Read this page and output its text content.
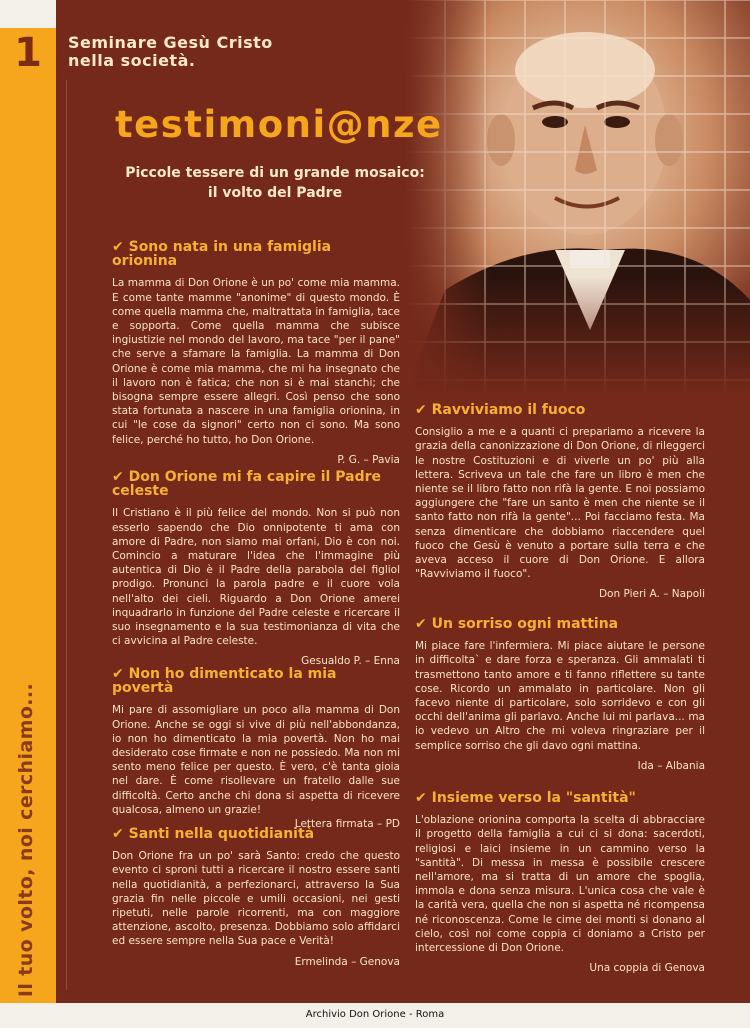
1
Il tuo volto, noi cerchiamo...
Seminare Gesù Cristo
nella società.
testimoni@nze
Piccole tessere di un grande mosaico:
il volto del Padre
✔ Sono nata in una famiglia orionina

La mamma di Don Orione è un po' come mia mamma. E come tante mamme "anonime" di questo mondo. È come quella mamma che, maltrattata in famiglia, tace e sopporta. Come quella mamma che subisce ingiustizie nel mondo del lavoro, ma tace "per il pane" che serve a sfamare la famiglia. La mamma di Don Orione è come mia mamma, che mi ha insegnato che il lavoro non è fatica; che non si è mai stanchi; che bisogna sempre essere allegri. Così penso che sono stata fortunata a nascere in una famiglia orionina, in cui "le cose da signori" certo non ci sono. Ma sono felice, perché ho tutto, ho Don Orione.

P. G. – Pavia
✔ Don Orione mi fa capire il Padre celeste

Il Cristiano è il più felice del mondo. Non si può non esserlo sapendo che Dio onnipotente ti ama con amore di Padre, non siamo mai orfani, Dio è con noi. Comincio a maturare l'idea che l'immagine più autentica di Dio è il Padre della parabola del figliol prodigo. Pronunci la parola padre e il cuore vola nell'alto dei cieli. Riguardo a Don Orione amerei inquadrarlo in funzione del Padre celeste e ricercare il suo insegnamento e la sua testimonianza di vita che ci avvicina al Padre celeste.

Gesualdo P. – Enna
✔ Non ho dimenticato la mia povertà

Mi pare di assomigliare un poco alla mamma di Don Orione. Anche se oggi si vive di più nell'abbondanza, io non ho dimenticato la mia povertà. Non ho mai desiderato cose firmate e non ne possiedo. Ma non mi sento meno felice per questo. È vero, c'è tanta gioia nel dare. È come risollevare un fratello dalle sue difficoltà. Certo anche chi dona si aspetta di ricevere qualcosa, almeno un grazie!

Lettera firmata – PD
✔ Santi nella quotidianità

Don Orione fra un po' sarà Santo: credo che questo evento ci sproni tutti a ricercare il nostro essere santi nella quotidianità, a perfezionarci, attraverso la Sua grazia fin nelle piccole e umili occasioni, nei gesti ripetuti, nelle parole ricorrenti, ma con maggiore attenzione, ascolto, presenza. Dobbiamo solo affidarci ed essere sempre nella Sua pace e Verità!

Ermelinda – Genova
✔ Ravviviamo il fuoco

Consiglio a me e a quanti ci prepariamo a ricevere la grazia della canonizzazione di Don Orione, di rileggerci le nostre Costituzioni e di viverle un po' più alla lettera. Scriveva un tale che fare un libro è men che niente se il libro fatto non rifà la gente. E noi possiamo aggiungere che "fare un santo è men che niente se il santo fatto non rifà la gente"... Poi facciamo festa. Ma senza dimenticare che dobbiamo riaccendere quel fuoco che Gesù è venuto a portare sulla terra e che aveva acceso il cuore di Don Orione. E allora "Ravviviamo il fuoco".

Don Pieri A. – Napoli
✔ Un sorriso ogni mattina

Mi piace fare l'infermiera. Mi piace aiutare le persone in difficolta` e dare forza e speranza. Gli ammalati ti trasmettono tanto amore e ti fanno riflettere su tante cose. Ricordo un ammalato in particolare. Non gli facevo niente di particolare, solo sorridevo e con gli occhi dell'anima gli parlavo. Anche lui mi parlava... ma io vedevo un Altro che mi voleva ringraziare per il semplice sorriso che gli davo ogni mattina.

Ida – Albania
✔ Insieme verso la "santità"

L'oblazione orionina comporta la scelta di abbracciare il progetto della famiglia a cui ci si dona: sacerdoti, religiosi e laici insieme in un cammino verso la "santità". Di messa in messa è possibile crescere nell'amore, ma si tratta di un amore che spoglia, immola e dona senza misura. L'unica cosa che vale è la carità vera, quella che non si aspetta né ricompensa né riconoscenza. Come le cime dei monti si donano al cielo, così noi come coppia ci doniamo a Cristo per intercessione di Don Orione.

Una coppia di Genova
Archivio Don Orione - Roma
